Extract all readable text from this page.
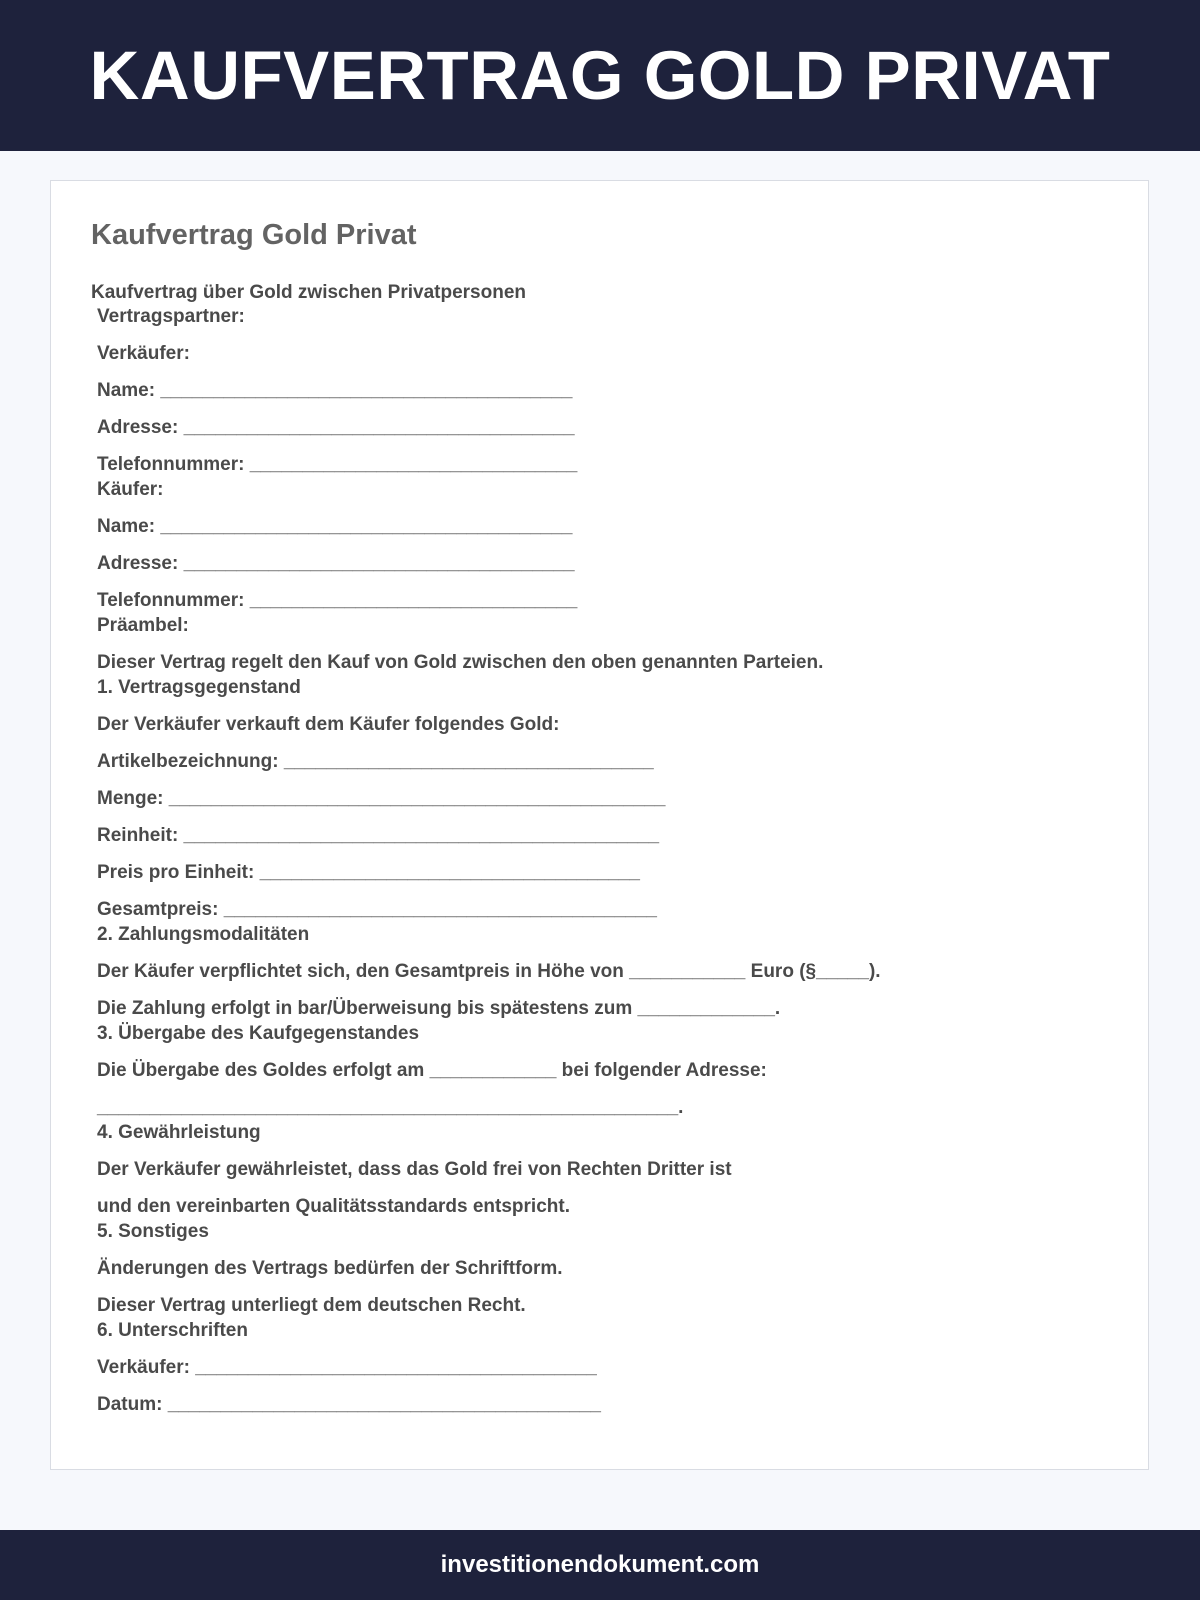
KAUFVERTRAG GOLD PRIVAT
Kaufvertrag Gold Privat
Kaufvertrag über Gold zwischen Privatpersonen
Vertragspartner:
Verkäufer:
Name: _______________________________________
Adresse: _____________________________________
Telefonnummer: _______________________________
Käufer:
Name: _______________________________________
Adresse: _____________________________________
Telefonnummer: _______________________________
Präambel:
Dieser Vertrag regelt den Kauf von Gold zwischen den oben genannten Parteien.
1. Vertragsgegenstand
Der Verkäufer verkauft dem Käufer folgendes Gold:
Artikelbezeichnung: ___________________________________
Menge: _______________________________________________
Reinheit: _____________________________________________
Preis pro Einheit: ____________________________________
Gesamtpreis: _________________________________________
2. Zahlungsmodalitäten
Der Käufer verpflichtet sich, den Gesamtpreis in Höhe von ___________ Euro (§_____).
Die Zahlung erfolgt in bar/Überweisung bis spätestens zum _____________.
3. Übergabe des Kaufgegenstandes
Die Übergabe des Goldes erfolgt am ____________ bei folgender Adresse:
_______________________________________________________.
4. Gewährleistung
Der Verkäufer gewährleistet, dass das Gold frei von Rechten Dritter ist
und den vereinbarten Qualitätsstandards entspricht.
5. Sonstiges
Änderungen des Vertrags bedürfen der Schriftform.
Dieser Vertrag unterliegt dem deutschen Recht.
6. Unterschriften
Verkäufer: ______________________________________
Datum: _________________________________________
investitionendokument.com
